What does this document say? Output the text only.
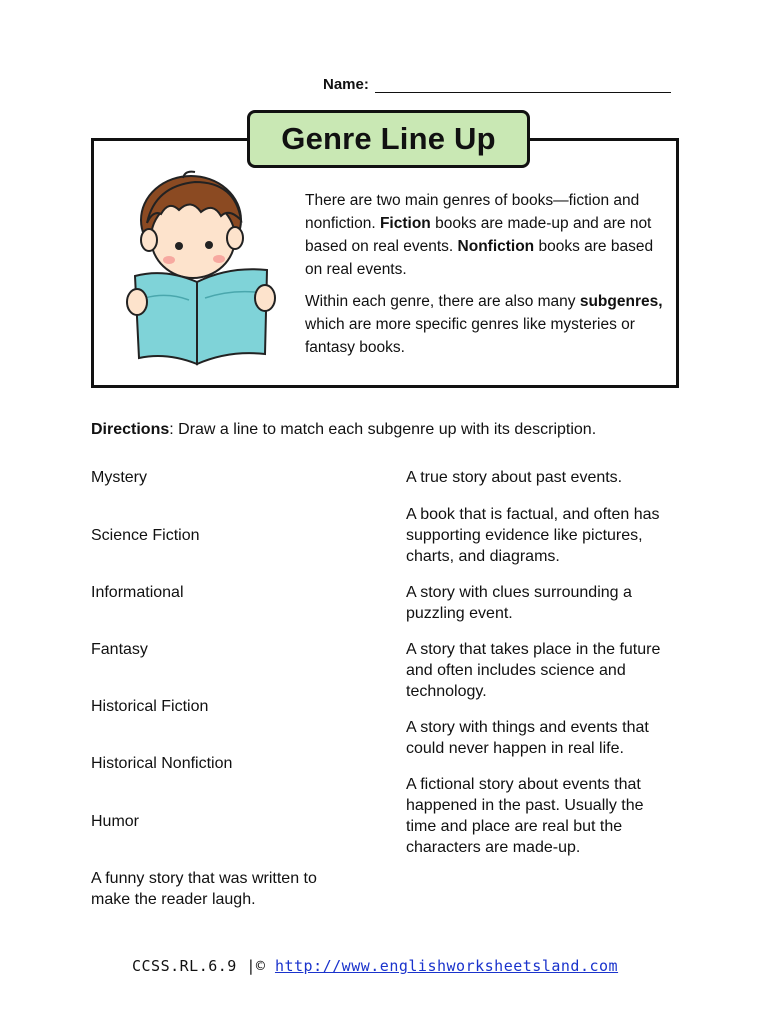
Name:
Genre Line Up

There are two main genres of books—fiction and nonfiction. Fiction books are made-up and are not based on real events. Nonfiction books are based on real events.

Within each genre, there are also many subgenres, which are more specific genres like mysteries or fantasy books.

Directions: Draw a line to match each subgenre up with its description.
Mystery
Science Fiction
Informational
Fantasy
Historical Fiction
Historical Nonfiction
Humor
A funny story that was written to make the reader laugh.
A true story about past events.
A book that is factual, and often has supporting evidence like pictures, charts, and diagrams.
A story with clues surrounding a puzzling event.
A story that takes place in the future and often includes science and technology.
A story with things and events that could never happen in real life.
A fictional story about events that happened in the past. Usually the time and place are real but the characters are made-up.
CCSS.RL.6.9 |© http://www.englishworksheetsland.com
